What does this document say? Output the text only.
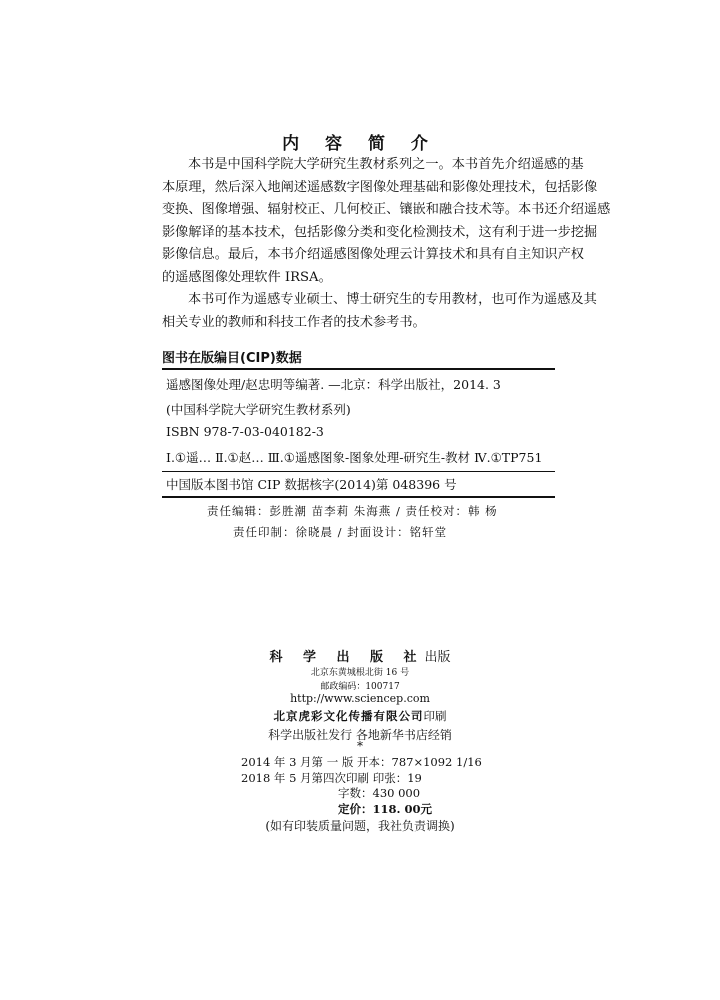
内 容 简 介
本书是中国科学院大学研究生教材系列之一。本书首先介绍遥感的基
本原理，然后深入地阐述遥感数字图像处理基础和影像处理技术，包括影像
变换、图像增强、辐射校正、几何校正、镶嵌和融合技术等。本书还介绍遥感
影像解译的基本技术，包括影像分类和变化检测技术，这有利于进一步挖掘
影像信息。最后，本书介绍遥感图像处理云计算技术和具有自主知识产权
的遥感图像处理软件 IRSA。
本书可作为遥感专业硕士、博士研究生的专用教材，也可作为遥感及其
相关专业的教师和科技工作者的技术参考书。
图书在版编目(CIP)数据
遥感图像处理/赵忠明等编著. —北京：科学出版社，2014. 3
(中国科学院大学研究生教材系列)
ISBN 978-7-03-040182-3
Ⅰ.①遥… Ⅱ.①赵… Ⅲ.①遥感图象-图象处理-研究生-教材 Ⅳ.①TP751
中国版本图书馆 CIP 数据核字(2014)第 048396 号
责任编辑：彭胜潮 苗李莉 朱海燕 / 责任校对：韩 杨
责任印制：徐晓晨 / 封面设计：铭轩堂
科 学 出 版 社出版
北京东黄城根北街 16 号
邮政编码：100717
http://www.sciencep.com
北京虎彩文化传播有限公司印刷
科学出版社发行 各地新华书店经销
*
2014 年 3 月第 一 版 开本：787×1092 1/16
2018 年 5 月第四次印刷 印张：19
字数：430 000
定价：118. 00元
(如有印装质量问题，我社负责调换)
